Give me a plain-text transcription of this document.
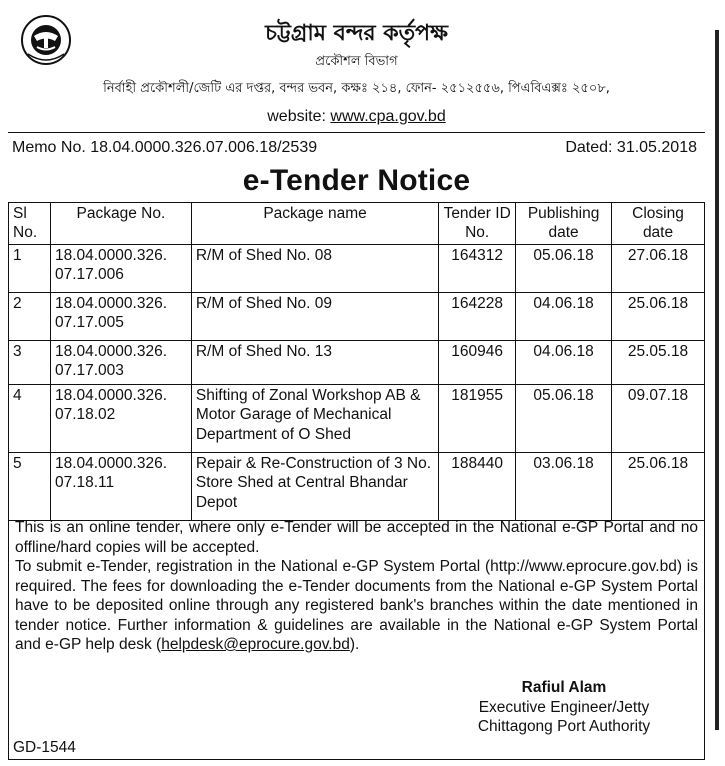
চট্টগ্রাম বন্দর কর্তৃপক্ষ
প্রকৌশল বিভাগ
নির্বাহী প্রকৌশলী/জেটি এর দপ্তর, বন্দর ভবন, কক্ষঃ ২১৪, ফোন- ২৫১২৫৫৬, পিএবিএক্সঃ ২৫০৮,
website: www.cpa.gov.bd
Memo No. 18.04.0000.326.07.006.18/2539	Dated: 31.05.2018
e-Tender Notice
Sl No.	Package No.	Package name	Tender ID No.	Publishing date	Closing date
1	18.04.0000.326. 07.17.006	R/M of Shed No. 08	164312	05.06.18	27.06.18
2	18.04.0000.326. 07.17.005	R/M of Shed No. 09	164228	04.06.18	25.06.18
3	18.04.0000.326. 07.17.003	R/M of Shed No. 13	160946	04.06.18	25.05.18
4	18.04.0000.326. 07.18.02	Shifting of Zonal Workshop AB & Motor Garage of Mechanical Department of O Shed	181955	05.06.18	09.07.18
5	18.04.0000.326. 07.18.11	Repair & Re-Construction of 3 No. Store Shed at Central Bhandar Depot	188440	03.06.18	25.06.18

This is an online tender, where only e-Tender will be accepted in the National e-GP Portal and no offline/hard copies will be accepted.

To submit e-Tender, registration in the National e-GP System Portal (http://www.eprocure.gov.bd) is required. The fees for downloading the e-Tender documents from the National e-GP System Portal have to be deposited online through any registered bank's branches within the date mentioned in tender notice. Further information & guidelines are available in the National e-GP System Portal and e-GP help desk (helpdesk@eprocure.gov.bd).

Rafiul Alam
Executive Engineer/Jetty
Chittagong Port Authority
GD-1544
